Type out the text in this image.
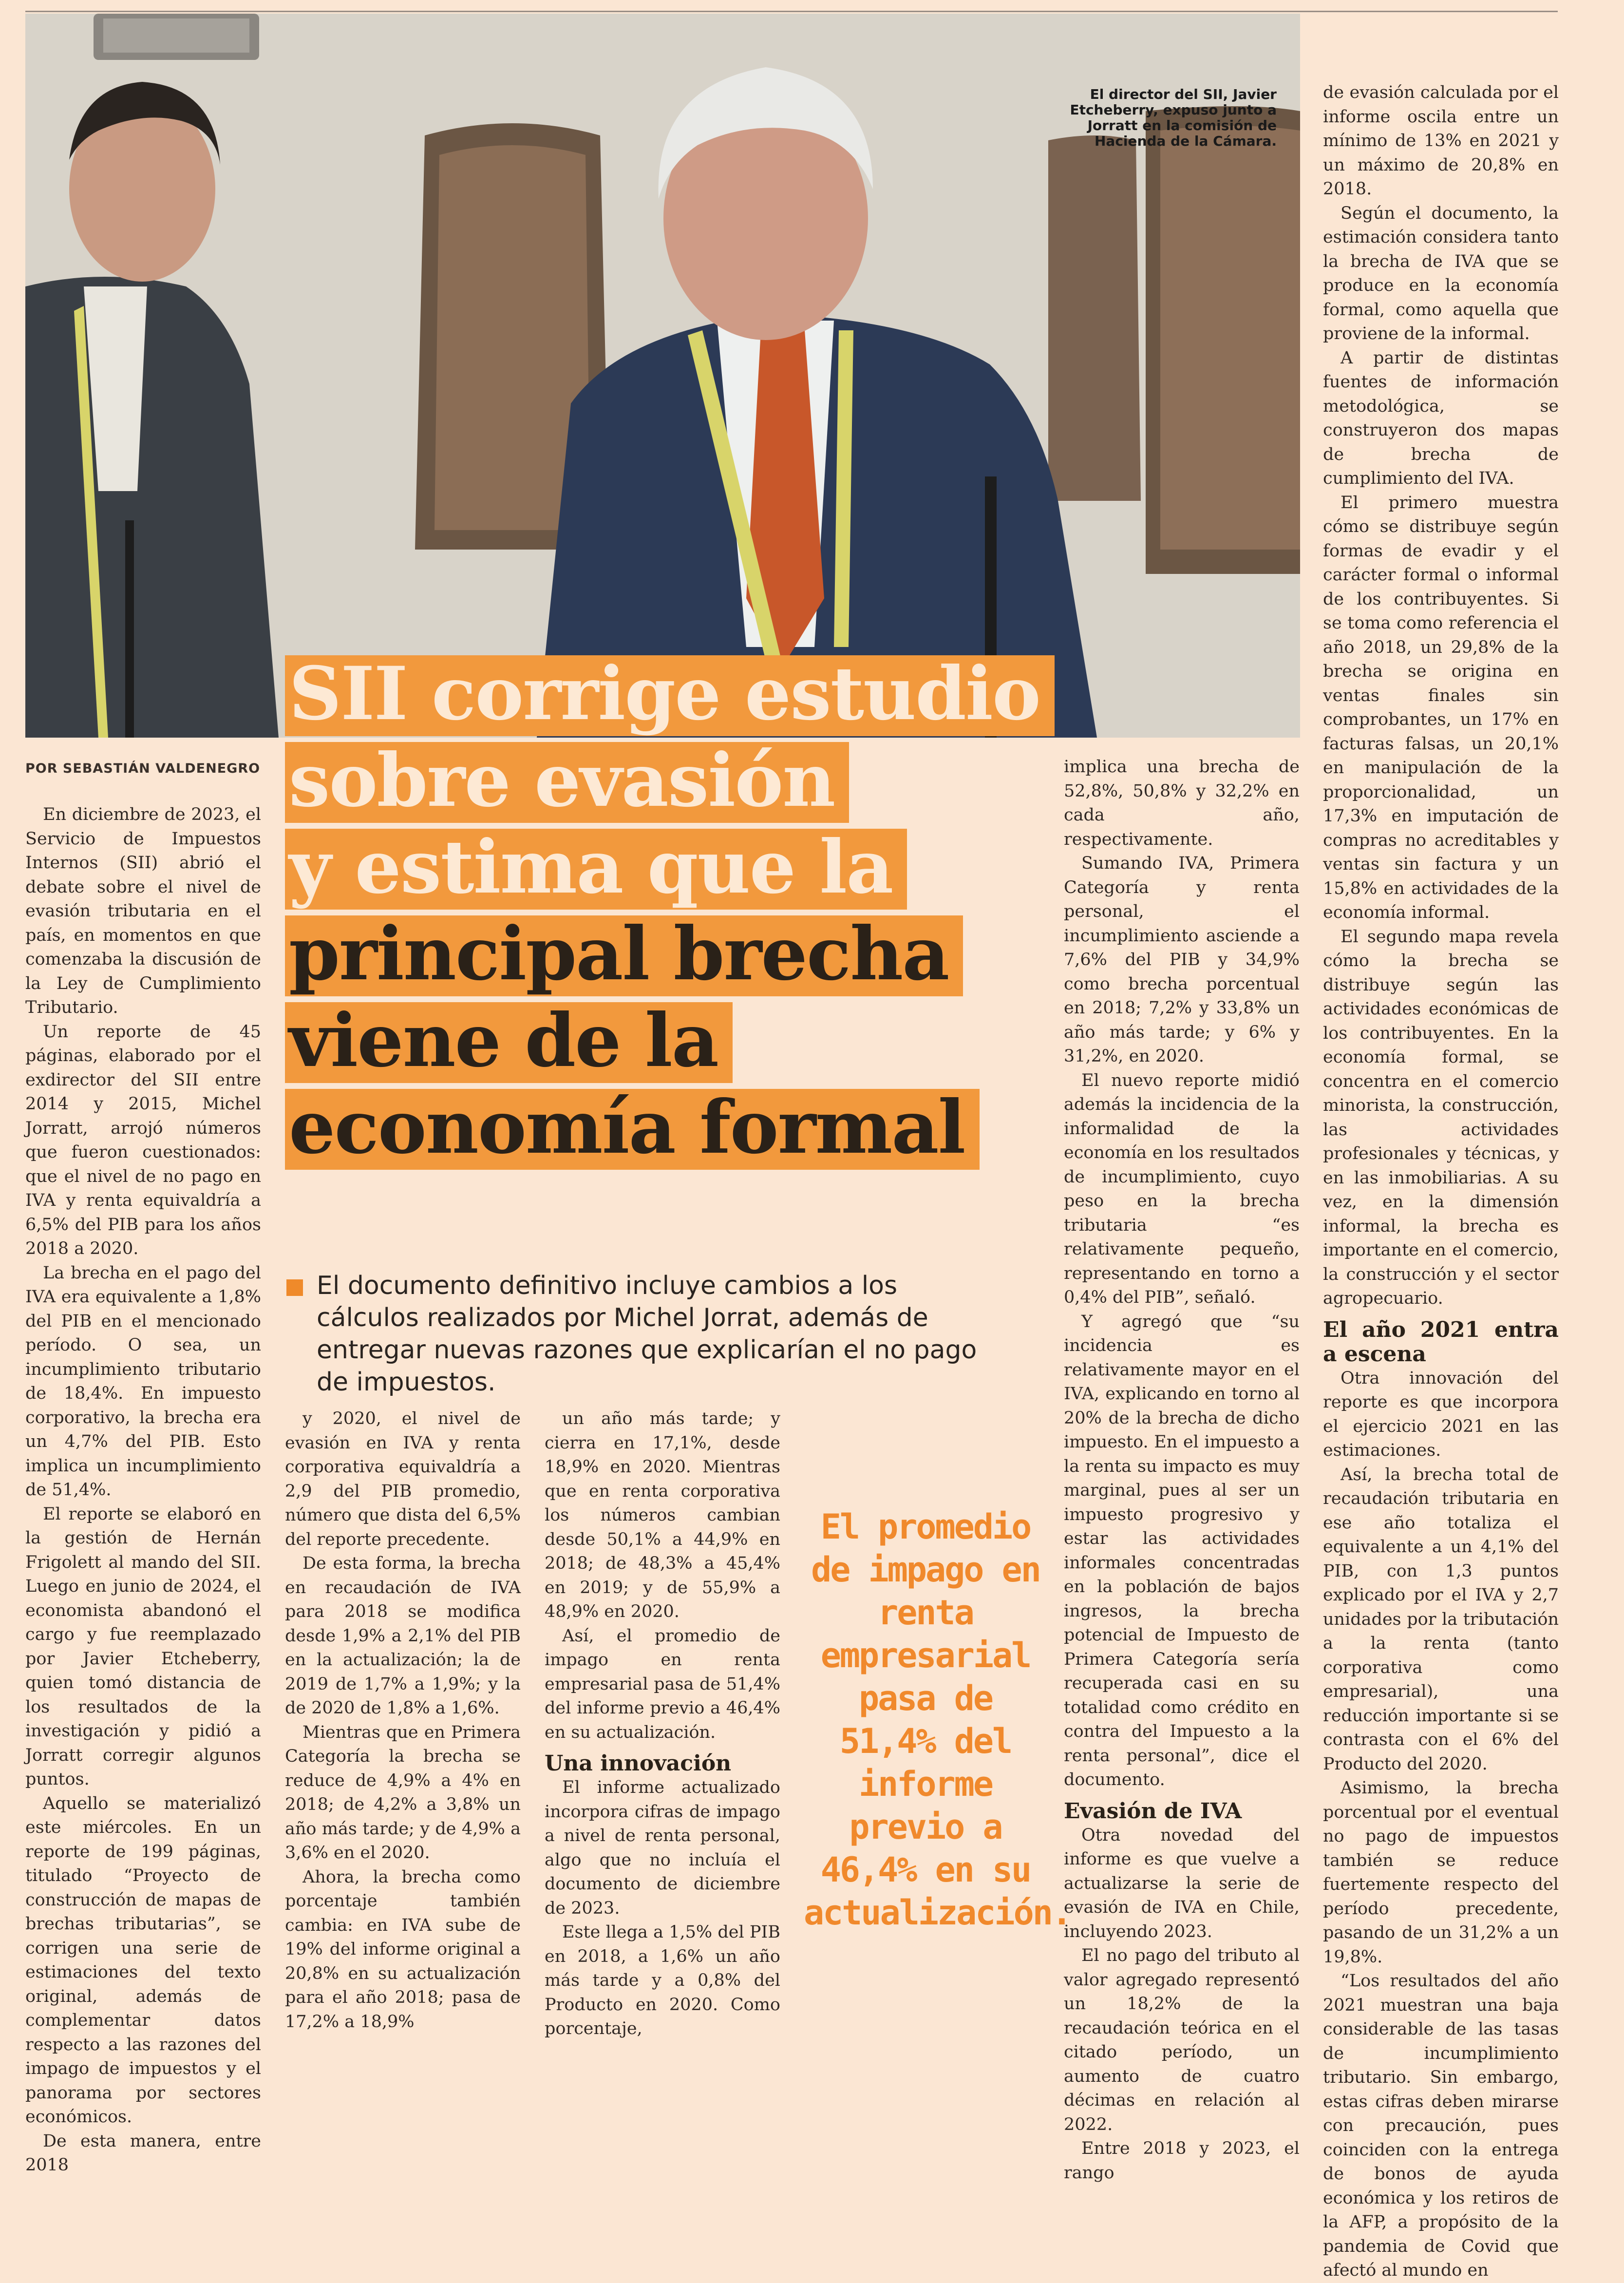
El director del SII, Javier Etcheberry, expuso junto a Jorratt en la comisión de Hacienda de la Cámara.
SII corrige estudio
sobre evasión
y estima que la
principal brecha
viene de la
economía formal
El documento definitivo incluye cambios a los cálculos realizados por Michel Jorrat, además de entregar nuevas razones que explicarían el no pago de impuestos.
POR SEBASTIÁN VALDENEGRO

En diciembre de 2023, el Servicio de Impuestos Internos (SII) abrió el debate sobre el nivel de evasión tributaria en el país, en momentos en que comenzaba la discusión de la Ley de Cumplimiento Tributario.

Un reporte de 45 páginas, elaborado por el exdirector del SII entre 2014 y 2015, Michel Jorratt, arrojó números que fueron cuestionados: que el nivel de no pago en IVA y renta equivaldría a 6,5% del PIB para los años 2018 a 2020.

La brecha en el pago del IVA era equivalente a 1,8% del PIB en el mencionado período. O sea, un incumplimiento tributario de 18,4%. En impuesto corporativo, la brecha era un 4,7% del PIB. Esto implica un incumplimiento de 51,4%.

El reporte se elaboró en la gestión de Hernán Frigolett al mando del SII. Luego en junio de 2024, el economista abandonó el cargo y fue reemplazado por Javier Etcheberry, quien tomó distancia de los resultados de la investigación y pidió a Jorratt corregir algunos puntos.

Aquello se materializó este miércoles. En un reporte de 199 páginas, titulado “Proyecto de construcción de mapas de brechas tributarias”, se corrigen una serie de estimaciones del texto original, además de complementar datos respecto a las razones del impago de impuestos y el panorama por sectores económicos.

De esta manera, entre 2018

y 2020, el nivel de evasión en IVA y renta corporativa equivaldría a 2,9 del PIB promedio, número que dista del 6,5% del reporte precedente.

De esta forma, la brecha en recaudación de IVA para 2018 se modifica desde 1,9% a 2,1% del PIB en la actualización; la de 2019 de 1,7% a 1,9%; y la de 2020 de 1,8% a 1,6%.

Mientras que en Primera Categoría la brecha se reduce de 4,9% a 4% en 2018; de 4,2% a 3,8% un año más tarde; y de 4,9% a 3,6% en el 2020.

Ahora, la brecha como porcentaje también cambia: en IVA sube de 19% del informe original a 20,8% en su actualización para el año 2018; pasa de 17,2% a 18,9%

un año más tarde; y cierra en 17,1%, desde 18,9% en 2020. Mientras que en renta corporativa los números cambian desde 50,1% a 44,9% en 2018; de 48,3% a 45,4% en 2019; y de 55,9% a 48,9% en 2020.

Así, el promedio de impago en renta empresarial pasa de 51,4% del informe previo a 46,4% en su actualización.

Una innovación

El informe actualizado incorpora cifras de impago a nivel de renta personal, algo que no incluía el documento de diciembre de 2023.

Este llega a 1,5% del PIB en 2018, a 1,6% un año más tarde y a 0,8% del Producto en 2020. Como porcentaje,

El promedio de impago en renta empresarial pasa de 51,4% del informe previo a 46,4% en su actualización.

implica una brecha de 52,8%, 50,8% y 32,2% en cada año, respectivamente.

Sumando IVA, Primera Categoría y renta personal, el incumplimiento asciende a 7,6% del PIB y 34,9% como brecha porcentual en 2018; 7,2% y 33,8% un año más tarde; y 6% y 31,2%, en 2020.

El nuevo reporte midió además la incidencia de la informalidad de la economía en los resultados de incumplimiento, cuyo peso en la brecha tributaria “es relativamente pequeño, representando en torno a 0,4% del PIB”, señaló.

Y agregó que “su incidencia es relativamente mayor en el IVA, explicando en torno al 20% de la brecha de dicho impuesto. En el impuesto a la renta su impacto es muy marginal, pues al ser un impuesto progresivo y estar las actividades informales concentradas en la población de bajos ingresos, la brecha potencial de Impuesto de Primera Categoría sería recuperada casi en su totalidad como crédito en contra del Impuesto a la renta personal”, dice el documento.

Evasión de IVA

Otra novedad del informe es que vuelve a actualizarse la serie de evasión de IVA en Chile, incluyendo 2023.

El no pago del tributo al valor agregado representó un 18,2% de la recaudación teórica en el citado período, un aumento de cuatro décimas en relación al 2022.

Entre 2018 y 2023, el rango

de evasión calculada por el informe oscila entre un mínimo de 13% en 2021 y un máximo de 20,8% en 2018.

Según el documento, la estimación considera tanto la brecha de IVA que se produce en la economía formal, como aquella que proviene de la informal.

A partir de distintas fuentes de información metodológica, se construyeron dos mapas de brecha de cumplimiento del IVA.

El primero muestra cómo se distribuye según formas de evadir y el carácter formal o informal de los contribuyentes. Si se toma como referencia el año 2018, un 29,8% de la brecha se origina en ventas finales sin comprobantes, un 17% en facturas falsas, un 20,1% en manipulación de la proporcionalidad, un 17,3% en imputación de compras no acreditables y ventas sin factura y un 15,8% en actividades de la economía informal.

El segundo mapa revela cómo la brecha se distribuye según las actividades económicas de los contribuyentes. En la economía formal, se concentra en el comercio minorista, la construcción, las actividades profesionales y técnicas, y en las inmobiliarias. A su vez, en la dimensión informal, la brecha es importante en el comercio, la construcción y el sector agropecuario.

El año 2021 entra a escena

Otra innovación del reporte es que incorpora el ejercicio 2021 en las estimaciones.

Así, la brecha total de recaudación tributaria en ese año totaliza el equivalente a un 4,1% del PIB, con 1,3 puntos explicado por el IVA y 2,7 unidades por la tributación a la renta (tanto corporativa como empresarial), una reducción importante si se contrasta con el 6% del Producto del 2020.

Asimismo, la brecha porcentual por el eventual no pago de impuestos también se reduce fuertemente respecto del período precedente, pasando de un 31,2% a un 19,8%.

“Los resultados del año 2021 muestran una baja considerable de las tasas de incumplimiento tributario. Sin embargo, estas cifras deben mirarse con precaución, pues coinciden con la entrega de bonos de ayuda económica y los retiros de la AFP, a propósito de la pandemia de Covid que afectó al mundo en
